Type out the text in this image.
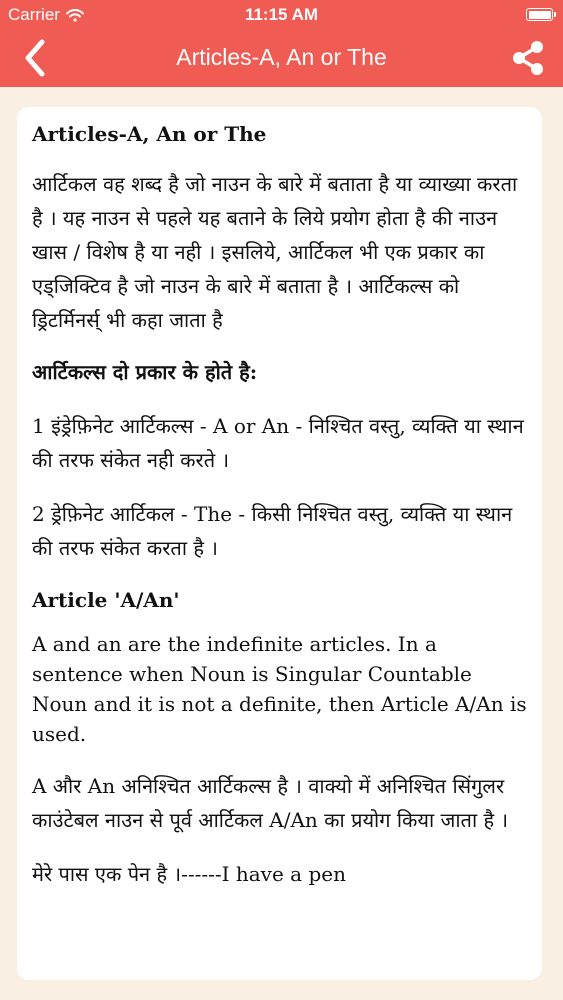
Carrier	11:15 AM
Articles-A, An or The
Articles-A, An or The
आर्टिकल वह शब्द है जो नाउन के बारे में बताता है या व्याख्या करता है । यह नाउन से पहले यह बताने के लिये प्रयोग होता है की नाउन खास / विशेष है या नही । इसलिये, आर्टिकल भी एक प्रकार का एड्जिक्टिव है जो नाउन के बारे में बताता है । आर्टिकल्स को ड्रिटर्मिनर्स् भी कहा जाता है
आर्टिकल्स दो प्रकार के होते है:
1 इंड्रेफ़िनेट आर्टिकल्स - A or An - निश्चित वस्तु, व्यक्ति या स्थान की तरफ संकेत नही करते ।
2 ड्रेफ़िनेट आर्टिकल - The - किसी निश्चित वस्तु, व्यक्ति या स्थान की तरफ संकेत करता है ।
Article 'A/An'
A and an are the indefinite articles. In a sentence when Noun is Singular Countable Noun and it is not a definite, then Article A/An is used.
A और An अनिश्चित आर्टिकल्स है । वाक्यो में अनिश्चित सिंगुलर काउंटेबल नाउन से पूर्व आर्टिकल A/An का प्रयोग किया जाता है ।
मेरे पास एक पेन है ।------I have a pen
